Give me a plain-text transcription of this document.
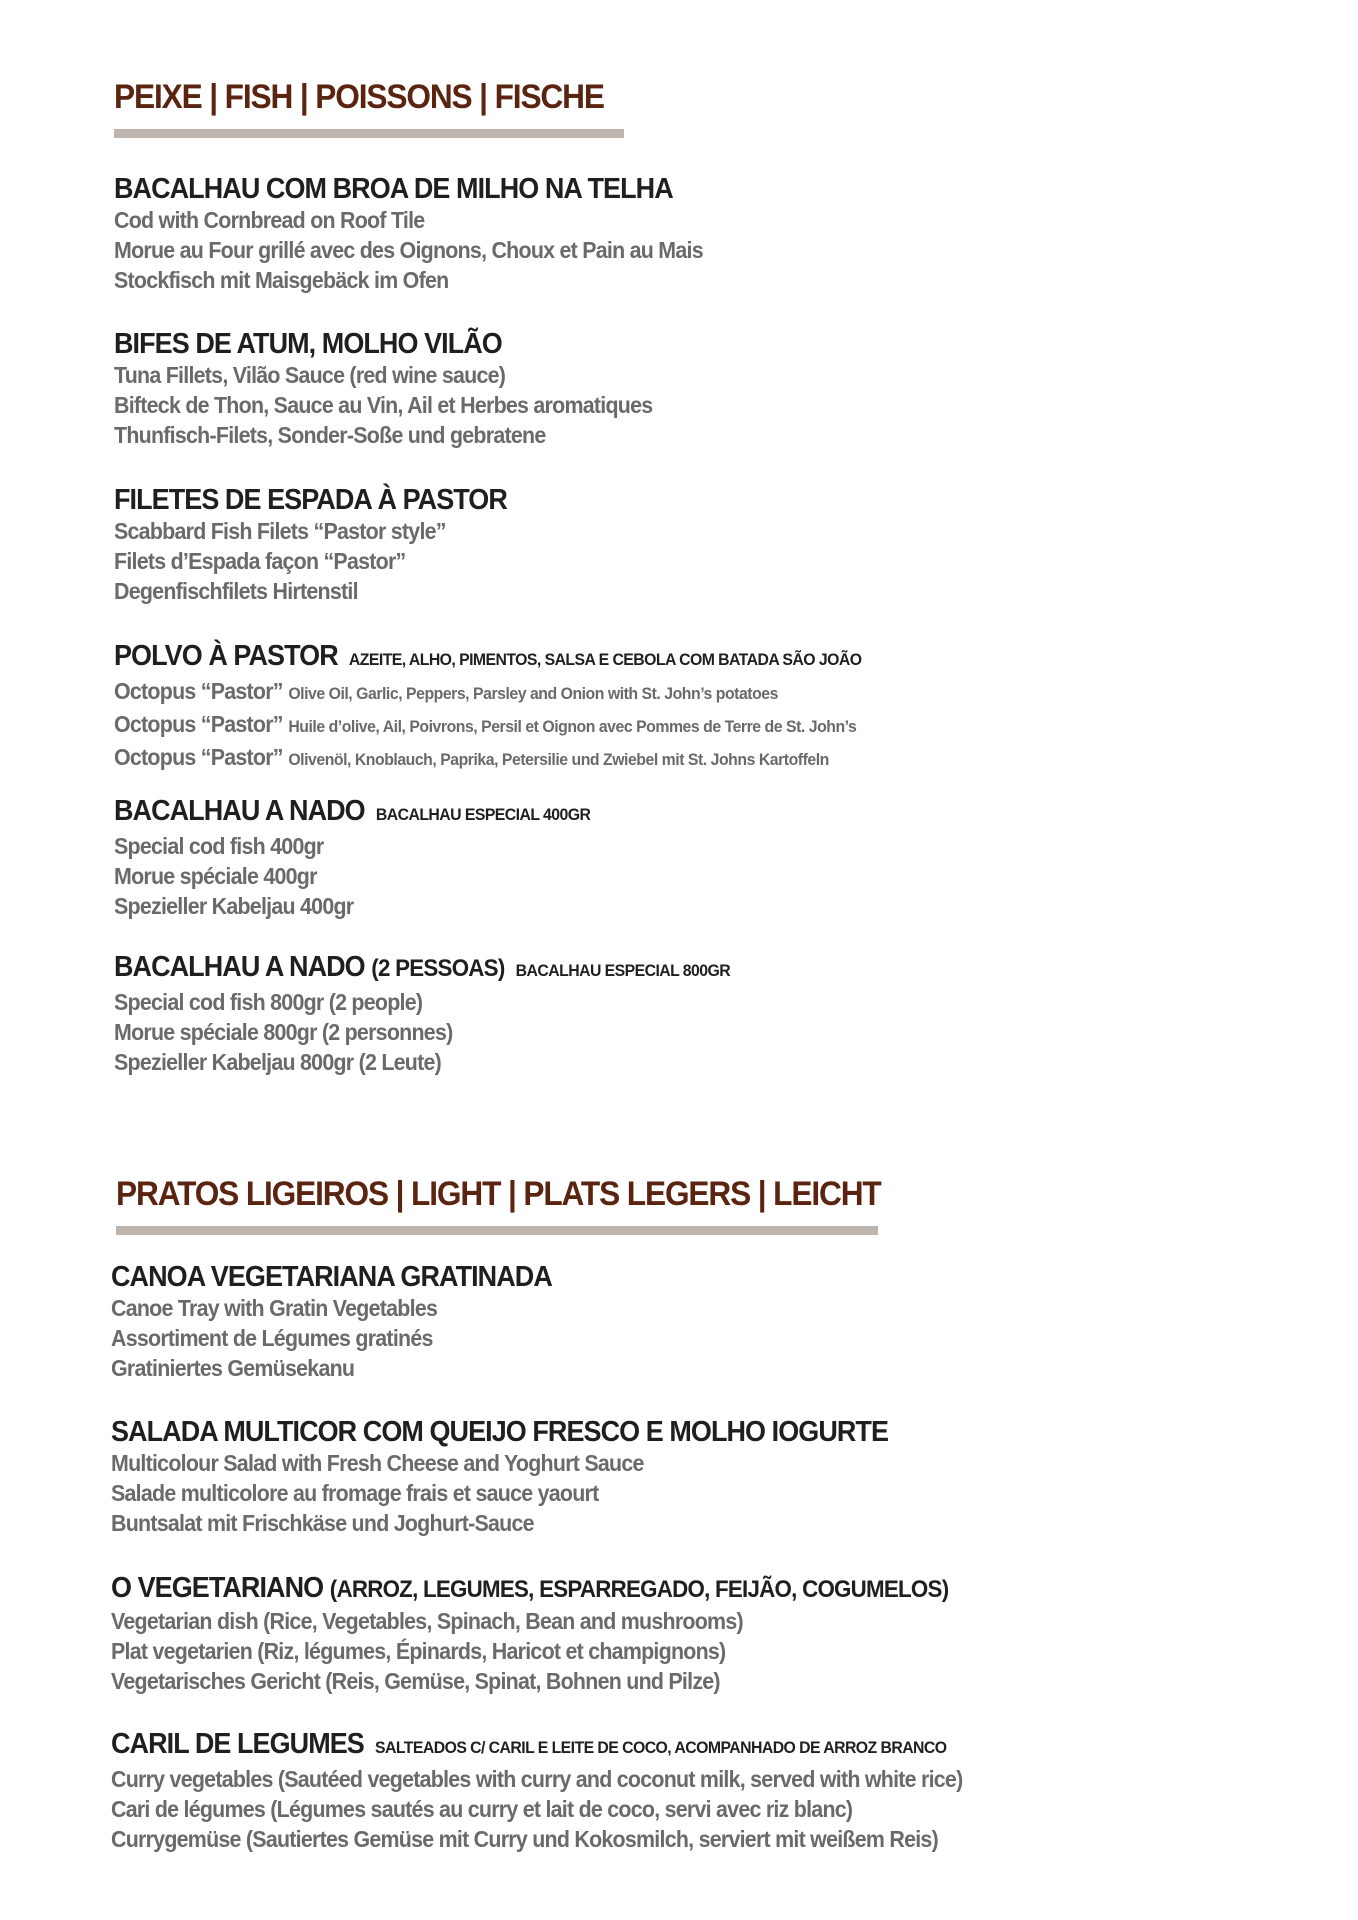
PEIXE | FISH | POISSONS | FISCHE
BACALHAU COM BROA DE MILHO NA TELHA
Cod with Cornbread on Roof Tile
Morue au Four grillé avec des Oignons, Choux et Pain au Mais
Stockfisch mit Maisgebäck im Ofen
BIFES DE ATUM, MOLHO VILÃO
Tuna Fillets, Vilão Sauce (red wine sauce)
Bifteck de Thon, Sauce au Vin, Ail et Herbes aromatiques
Thunfisch-Filets, Sonder-Soße und gebratene
FILETES DE ESPADA À PASTOR
Scabbard Fish Filets “Pastor style”
Filets d’Espada façon “Pastor”
Degenfischfilets Hirtenstil
POLVO À PASTOR AZEITE, ALHO, PIMENTOS, SALSA E CEBOLA COM BATADA SÃO JOÃO
Octopus “Pastor” Olive Oil, Garlic, Peppers, Parsley and Onion with St. John’s potatoes
Octopus “Pastor” Huile d’olive, Ail, Poivrons, Persil et Oignon avec Pommes de Terre de St. John’s
Octopus “Pastor” Olivenöl, Knoblauch, Paprika, Petersilie und Zwiebel mit St. Johns Kartoffeln
BACALHAU A NADO BACALHAU ESPECIAL 400GR
Special cod fish 400gr
Morue spéciale 400gr
Spezieller Kabeljau 400gr
BACALHAU A NADO (2 PESSOAS) BACALHAU ESPECIAL 800GR
Special cod fish 800gr (2 people)
Morue spéciale 800gr (2 personnes)
Spezieller Kabeljau 800gr (2 Leute)
PRATOS LIGEIROS | LIGHT | PLATS LEGERS | LEICHT
CANOA VEGETARIANA GRATINADA
Canoe Tray with Gratin Vegetables
Assortiment de Légumes gratinés
Gratiniertes Gemüsekanu
SALADA MULTICOR COM QUEIJO FRESCO E MOLHO IOGURTE
Multicolour Salad with Fresh Cheese and Yoghurt Sauce
Salade multicolore au fromage frais et sauce yaourt
Buntsalat mit Frischkäse und Joghurt-Sauce
O VEGETARIANO (ARROZ, LEGUMES, ESPARREGADO, FEIJÃO, COGUMELOS)
Vegetarian dish (Rice, Vegetables, Spinach, Bean and mushrooms)
Plat vegetarien (Riz, légumes, Épinards, Haricot et champignons)
Vegetarisches Gericht (Reis, Gemüse, Spinat, Bohnen und Pilze)
CARIL DE LEGUMES SALTEADOS C/ CARIL E LEITE DE COCO, ACOMPANHADO DE ARROZ BRANCO
Curry vegetables (Sautéed vegetables with curry and coconut milk, served with white rice)
Cari de légumes (Légumes sautés au curry et lait de coco, servi avec riz blanc)
Currygemüse (Sautiertes Gemüse mit Curry und Kokosmilch, serviert mit weißem Reis)
